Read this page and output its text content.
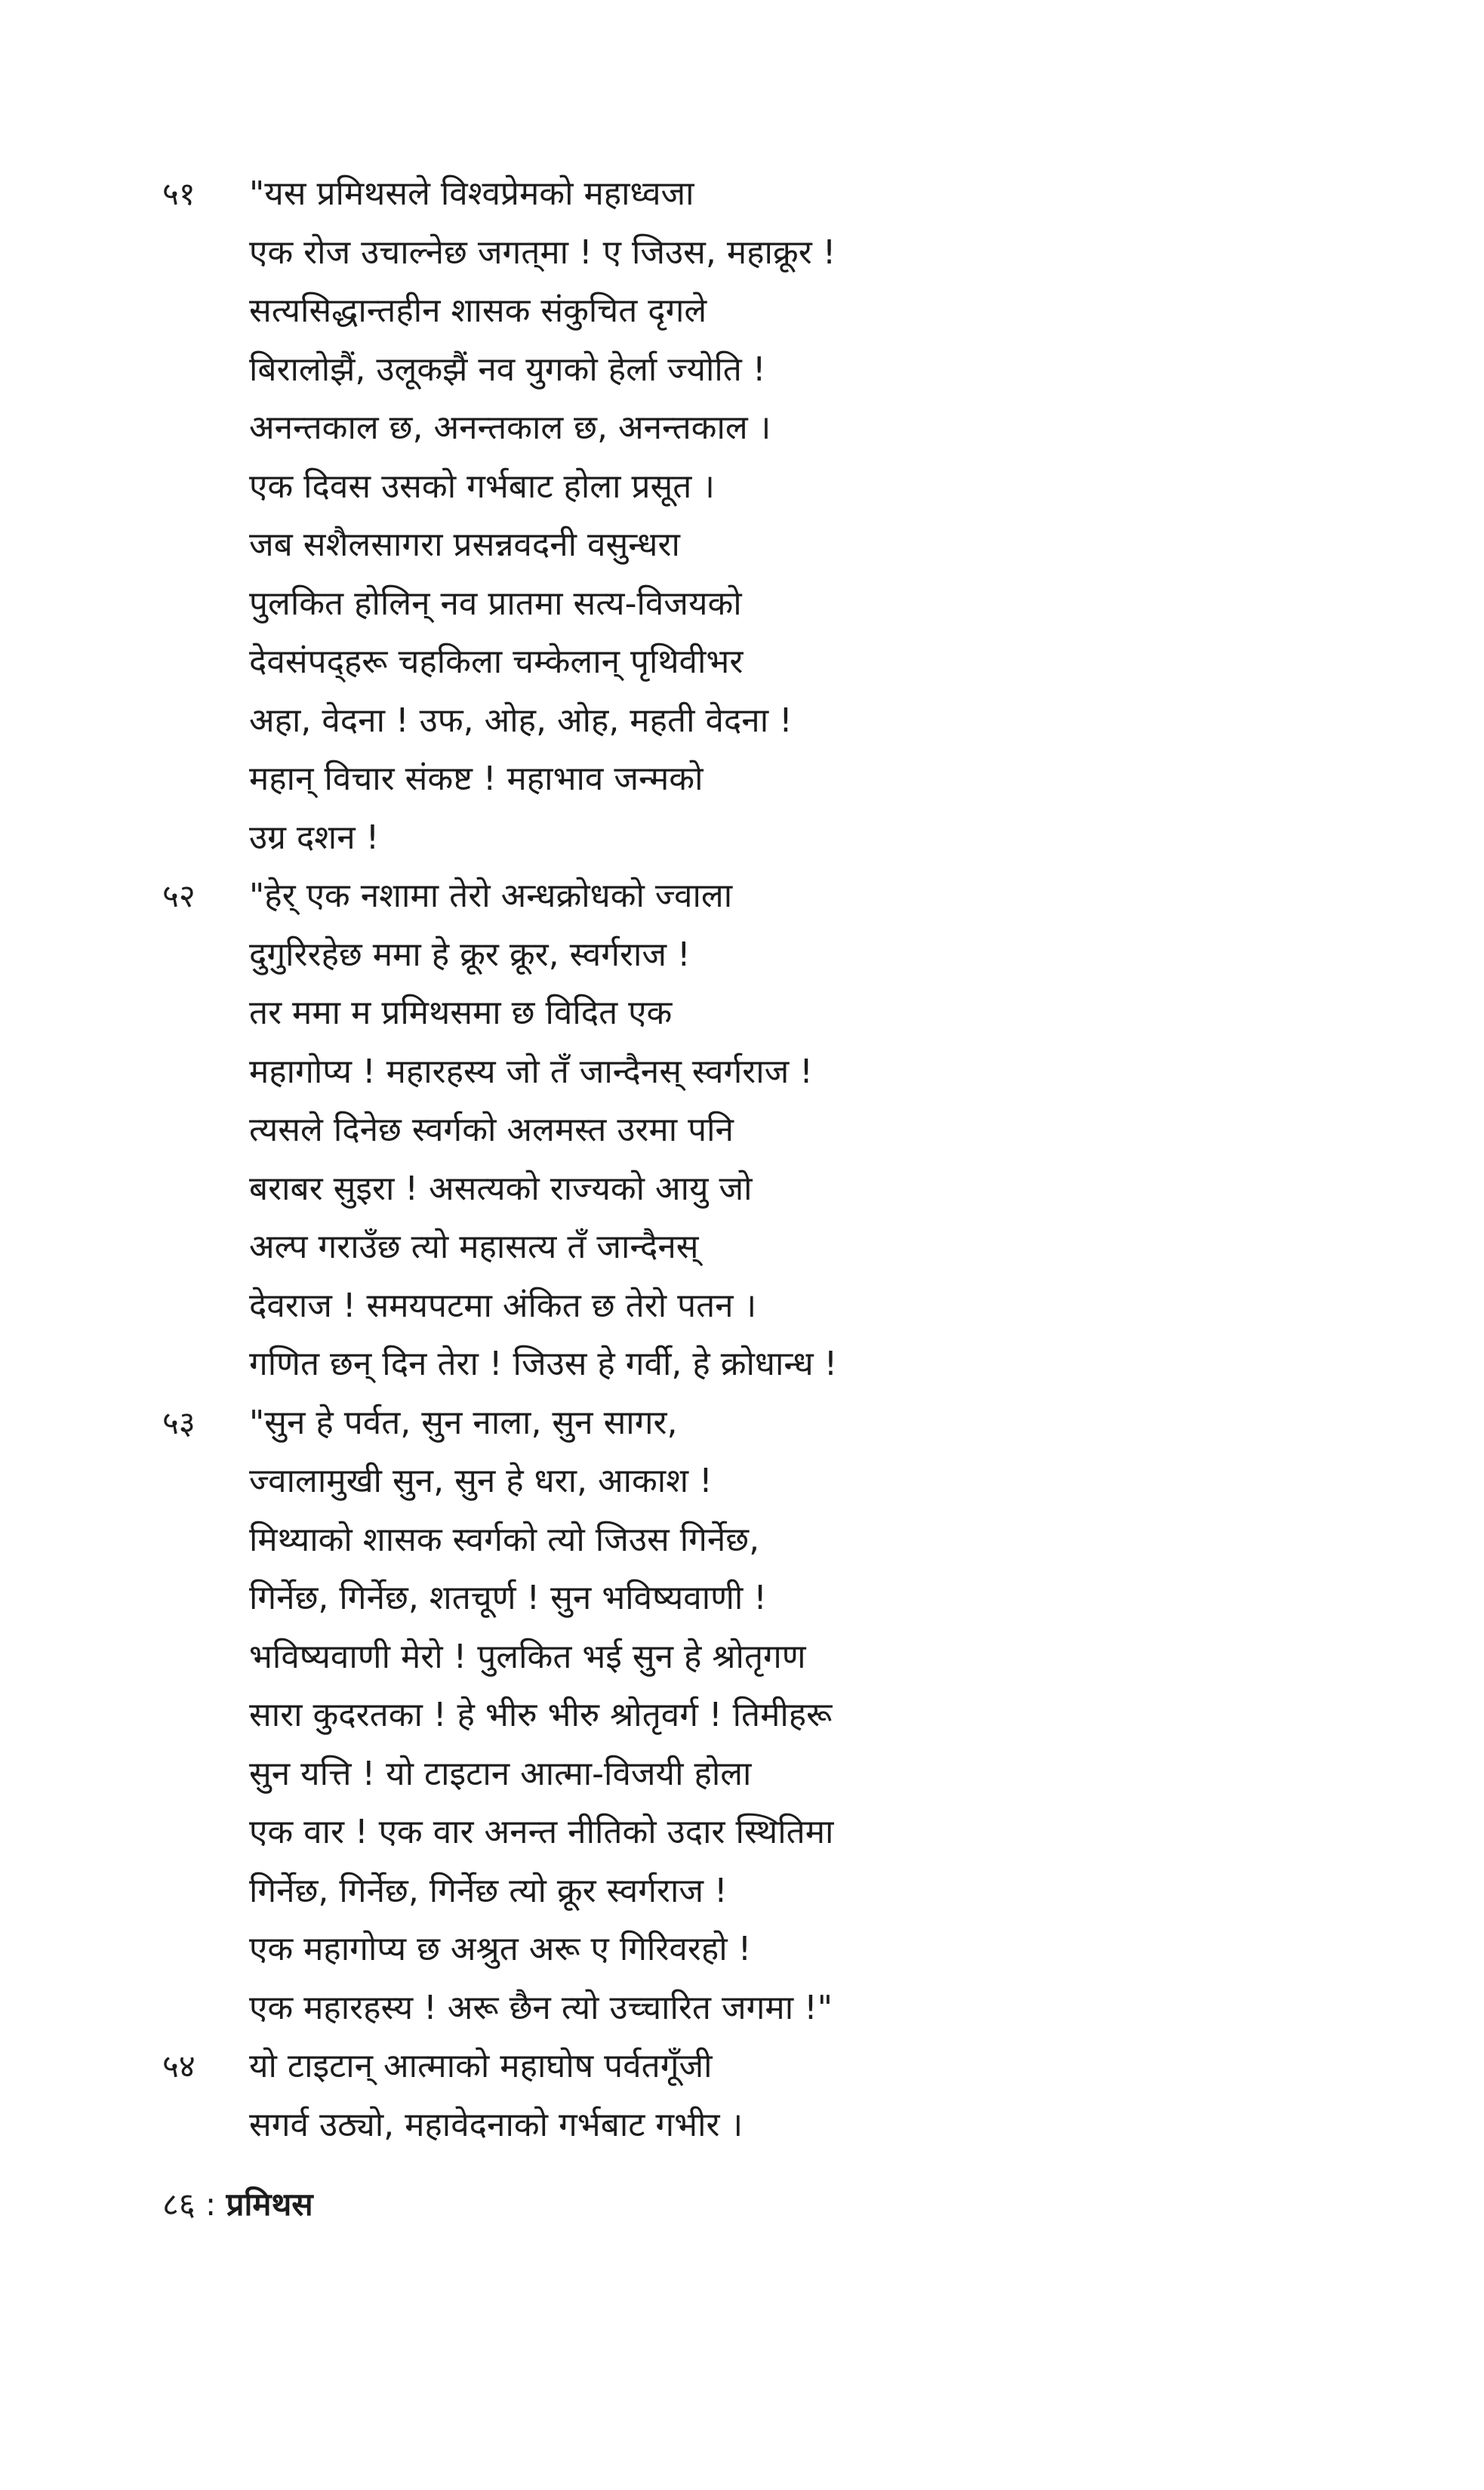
५१ "यस प्रमिथसले विश्वप्रेमको महाध्वजा
एक रोज उचाल्नेछ जगत्‌मा ! ए जिउस, महाक्रूर !
सत्यसिद्धान्तहीन शासक संकुचित दृगले
बिरालोझैं, उलूकझैं नव युगको हेर्ला ज्योति !
अनन्तकाल छ, अनन्तकाल छ, अनन्तकाल ।
एक दिवस उसको गर्भबाट होला प्रसूत ।
जब सशैलसागरा प्रसन्नवदनी वसुन्धरा
पुलकित होलिन् नव प्रातमा सत्य-विजयको
देवसंपद्‌हरू चहकिला चम्केलान् पृथिवीभर
अहा, वेदना ! उफ, ओह, ओह, महती वेदना !
महान् विचार संकष्ट ! महाभाव जन्मको
उग्र दशन !
५२ "हेर् एक नशामा तेरो अन्धक्रोधको ज्वाला
दुगुरिरहेछ ममा हे क्रूर क्रूर, स्वर्गराज !
तर ममा म प्रमिथसमा छ विदित एक
महागोप्य ! महारहस्य जो तँ जान्दैनस् स्वर्गराज !
त्यसले दिनेछ स्वर्गको अलमस्त उरमा पनि
बराबर सुइरा ! असत्यको राज्यको आयु जो
अल्प गराउँछ त्यो महासत्य तँ जान्दैनस्
देवराज ! समयपटमा अंकित छ तेरो पतन ।
गणित छन् दिन तेरा ! जिउस हे गर्वी, हे क्रोधान्ध !
५३ "सुन हे पर्वत, सुन नाला, सुन सागर,
ज्वालामुखी सुन, सुन हे धरा, आकाश !
मिथ्याको शासक स्वर्गको त्यो जिउस गिर्नेछ,
गिर्नेछ, गिर्नेछ, शतचूर्ण ! सुन भविष्यवाणी !
भविष्यवाणी मेरो ! पुलकित भई सुन हे श्रोतृगण
सारा कुदरतका ! हे भीरु भीरु श्रोतृवर्ग ! तिमीहरू
सुन यत्ति ! यो टाइटान आत्मा-विजयी होला
एक वार ! एक वार अनन्त नीतिको उदार स्थितिमा
गिर्नेछ, गिर्नेछ, गिर्नेछ त्यो क्रूर स्वर्गराज !
एक महागोप्य छ अश्रुत अरू ए गिरिवरहो !
एक महारहस्य ! अरू छैन त्यो उच्चारित जगमा !"
५४ यो टाइटान् आत्माको महाघोष पर्वतगूँजी
सगर्व उठ्यो, महावेदनाको गर्भबाट गभीर ।
८६ : प्रमिथस
